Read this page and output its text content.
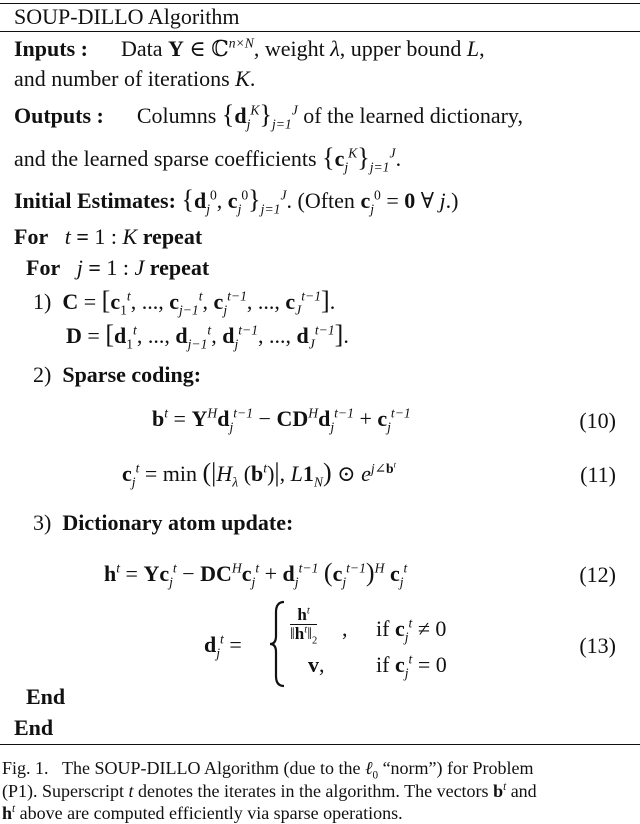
SOUP-DILLO Algorithm
Inputs : Data Y ∈ ℂ$^{n\times N}$, weight λ, upper bound L,
and number of iterations K.
Outputs :  Columns $\{d_j^K\}_{j=1}^J$ of the learned dictionary,
and the learned sparse coefficients $\{c_j^K\}_{j=1}^J$.
Initial Estimates: {$d_j^0$, $c_j^0\}_{j=1}^J$. (Often $c_j^0 = 0$ ∀ j.)
For t = 1 : K repeat
For j = 1 : J repeat
1) $C = [c_1^t$, ..., $c_{j-1}^t$, $c_j^{t-1}$, ..., $c_J^{t-1}$].
$D = [d_1^t$, ..., $d_{j-1}^t$, $d_j^{t-1}$, ..., $d_J^{t-1}$].
2) Sparse coding:
$b^t = Y^Hd_j^{t-1} - CD^Hd_j^{t-1} + c_j^{t-1}$	(10)
$c_j^t = \min (|H_\lambda$ $(b^t)|$, $L1_N$) ⊙ $e^{j\angle b^t}$	(11)
3) Dictionary atom update:
$h^t = Yc_j^t - DC^Hc_j^t + d_j^{t-1}$ $(c_j^{t-1})^H$ $c_j^t$	(12)
$d_j^t$ =
$h^t$
$‖h^t‖_2$ , if $c_j^t \ne 0$
v, if $c_j^t = 0$
(13)
End
End
Fig. 1.   The SOUP-DILLO Algorithm (due to the ℓ$_0$ “norm”) for Problem
(P1). Superscript t denotes the iterates in the algorithm. The vectors $b^t$ and
$h^t$ above are computed efficiently via sparse operations.
